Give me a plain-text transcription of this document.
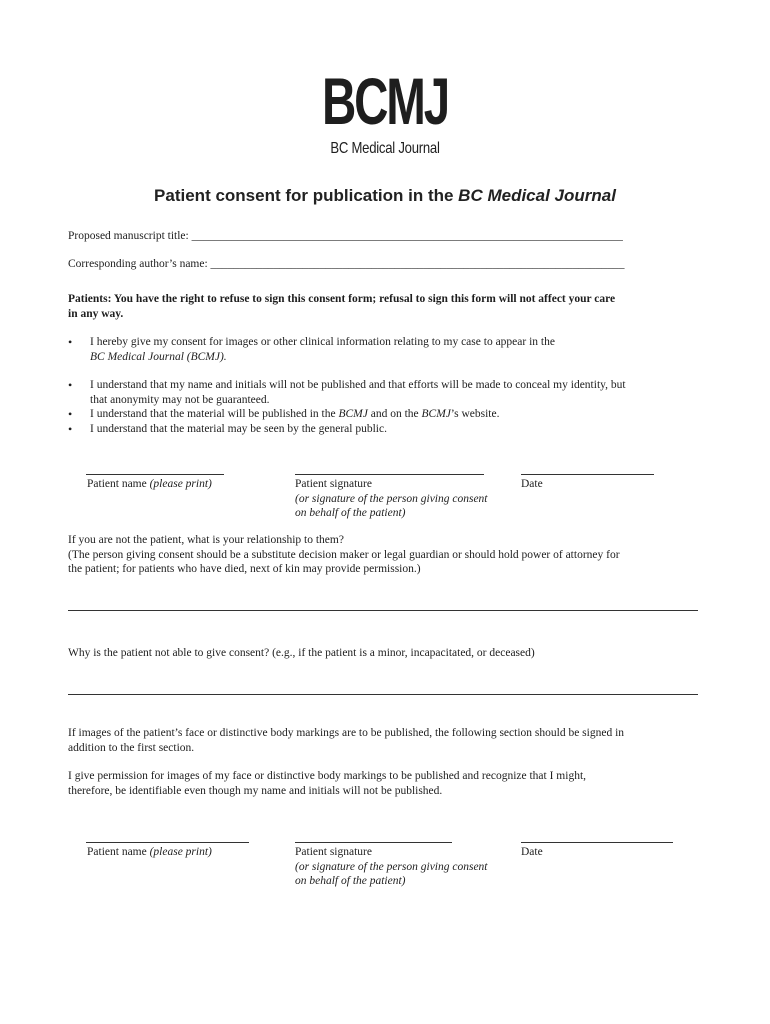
BCMJ
BC Medical Journal
Patient consent for publication in the BC Medical Journal
Proposed manuscript title: ___________________________________________________________________________
Corresponding author’s name: ________________________________________________________________________
Patients: You have the right to refuse to sign this consent form; refusal to sign this form will not affect your care
in any way.
• I hereby give my consent for images or other clinical information relating to my case to appear in the
BC Medical Journal (BCMJ).
• I understand that my name and initials will not be published and that efforts will be made to conceal my identity, but
that anonymity may not be guaranteed.
• I understand that the material will be published in the BCMJ and on the BCMJ’s website.
• I understand that the material may be seen by the general public.
Patient name (please print)	Patient signature
(or signature of the person giving consent
on behalf of the patient)
Date
If you are not the patient, what is your relationship to them?
(The person giving consent should be a substitute decision maker or legal guardian or should hold power of attorney for
the patient; for patients who have died, next of kin may provide permission.)
Why is the patient not able to give consent? (e.g., if the patient is a minor, incapacitated, or deceased)
If images of the patient’s face or distinctive body markings are to be published, the following section should be signed in
addition to the first section.
I give permission for images of my face or distinctive body markings to be published and recognize that I might,
therefore, be identifiable even though my name and initials will not be published.
Patient name (please print)	Patient signature
(or signature of the person giving consent
on behalf of the patient)
Date
